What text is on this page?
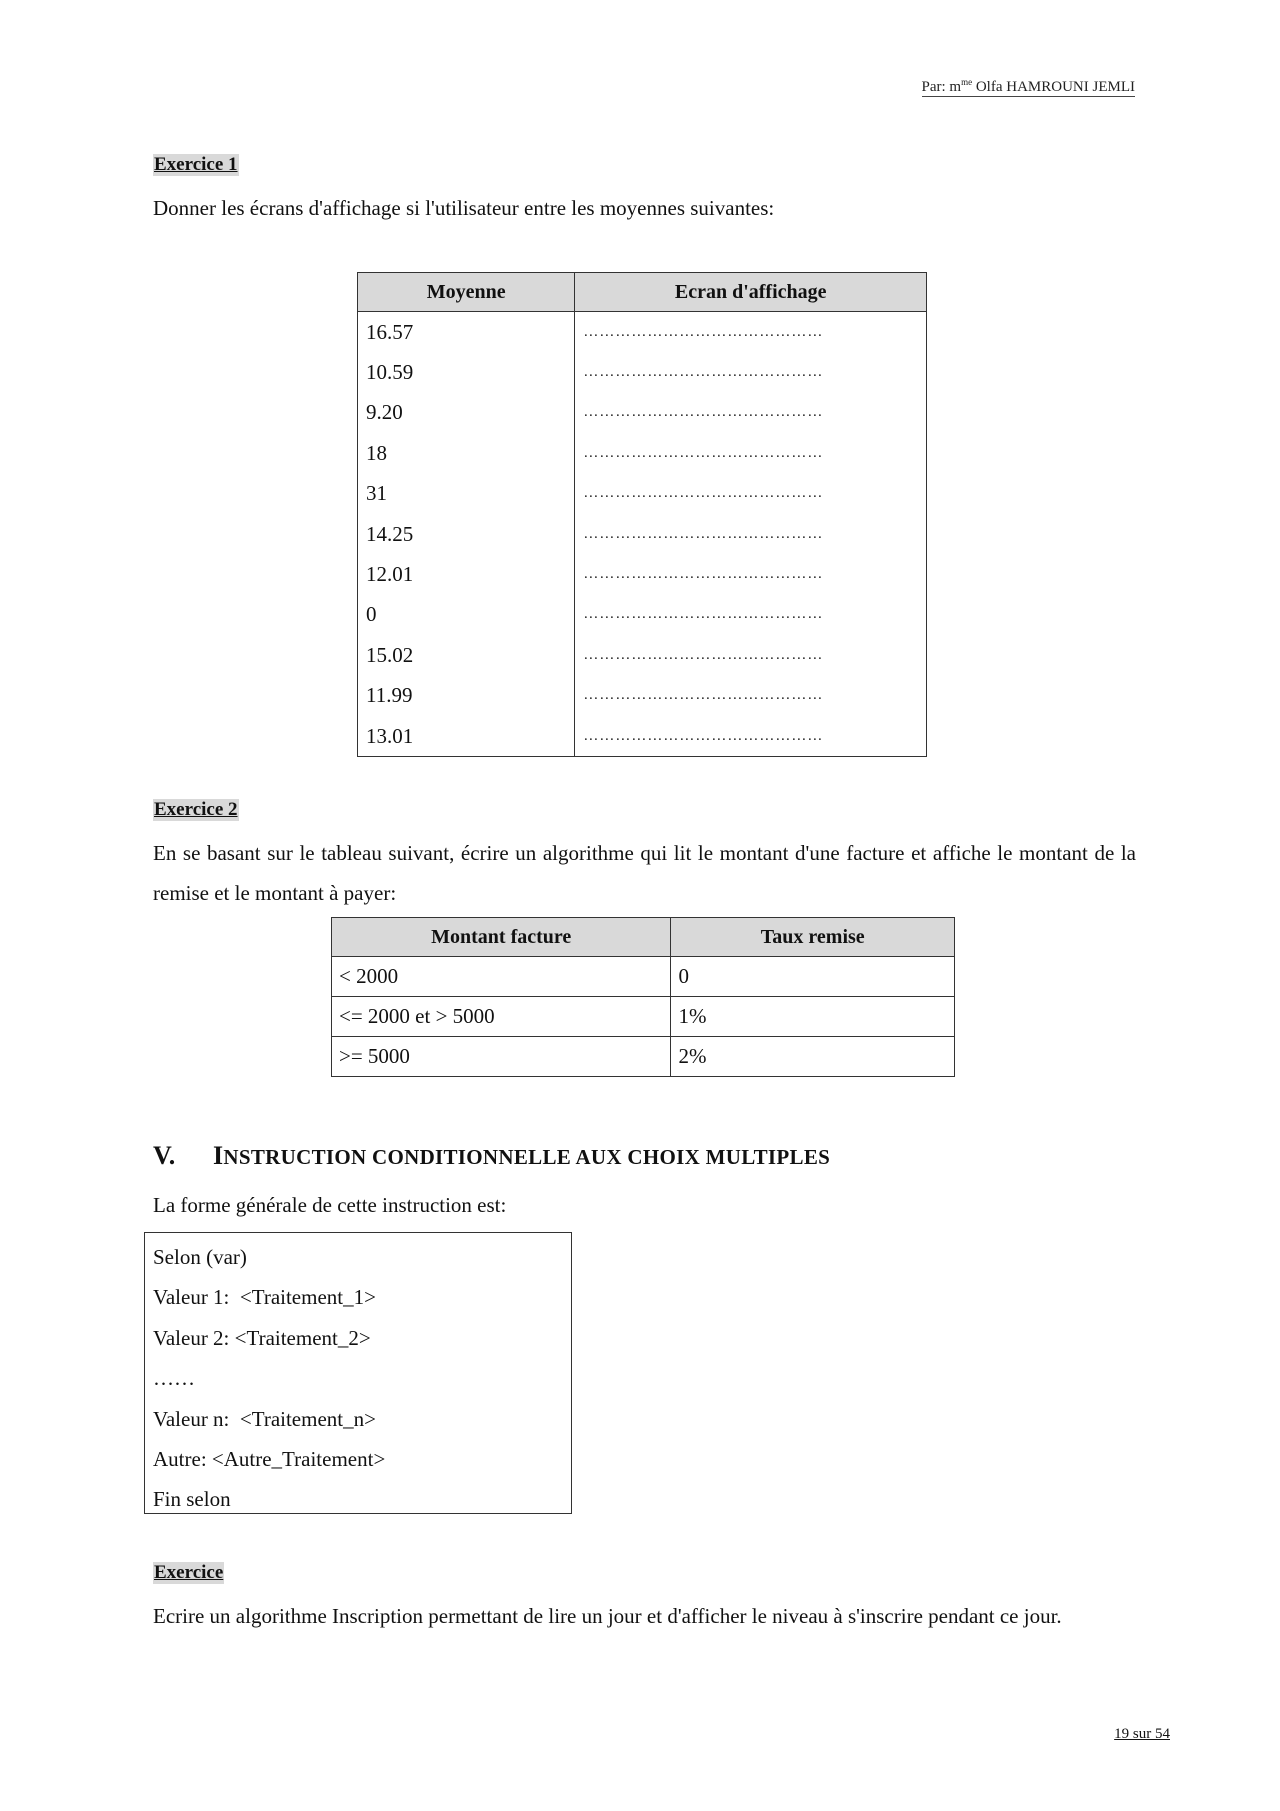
Par: $m^{me}$ Olfa HAMROUNI JEMLI
Exercice 1
Donner les écrans d'affichage si l'utilisateur entre les moyennes suivantes:
Moyenne	Ecran d'affichage
16.57	………………………………………
10.59	………………………………………
9.20	………………………………………
18	………………………………………
31	………………………………………
14.25	………………………………………
12.01	………………………………………
0	………………………………………
15.02	………………………………………
11.99	………………………………………
13.01	………………………………………
Exercice 2
En se basant sur le tableau suivant, écrire un algorithme qui lit le montant d'une facture et affiche le montant de la remise et le montant à payer:
Montant facture	Taux remise
< 2000	0
<= 2000 et > 5000	1%
>= 5000	2%
V. INSTRUCTION CONDITIONNELLE AUX CHOIX MULTIPLES
La forme générale de cette instruction est:
Selon (var)
Valeur 1:  <Traitement_1>
Valeur 2: <Traitement_2>
……
Valeur n:  <Traitement_n>
Autre: <Autre_Traitement>
Fin selon
Exercice
Ecrire un algorithme Inscription permettant de lire un jour et d'afficher le niveau à s'inscrire pendant ce jour.
19 sur 54
